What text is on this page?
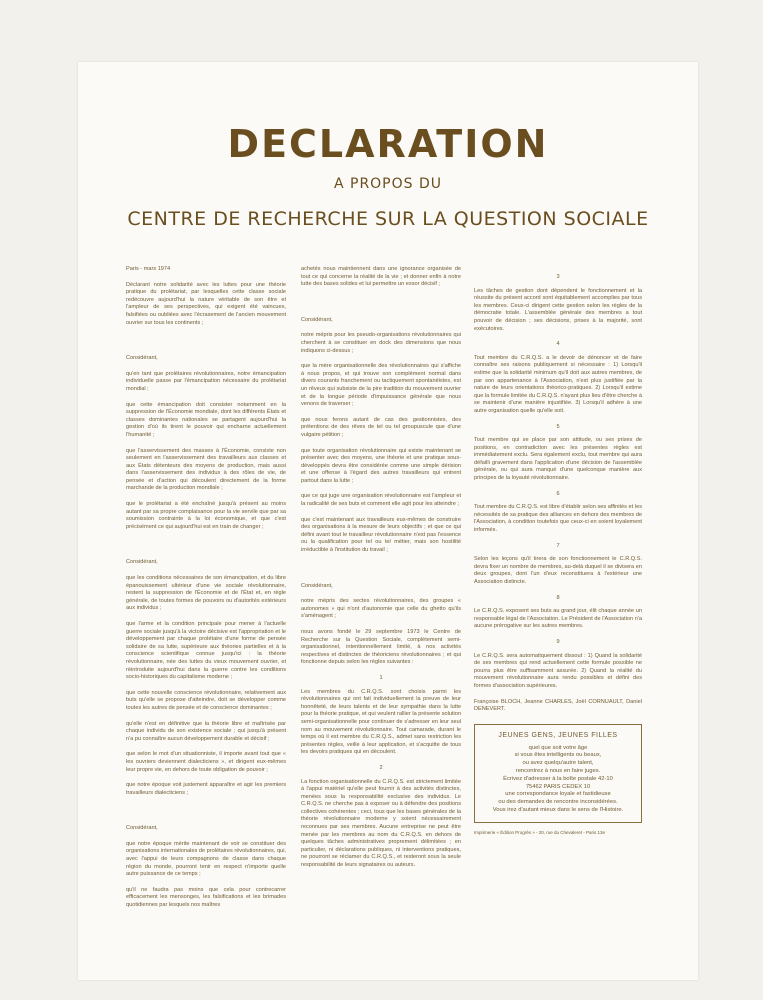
DECLARATION
A PROPOS DU
CENTRE DE RECHERCHE SUR LA QUESTION SOCIALE

Paris - mars 1974

Déclarant notre solidarité avec les luttes pour une théorie pratique du prolétariat, par lesquelles cette classe sociale redécouvre aujourd'hui la nature véritable de son être et l'ampleur de ses perspectives, qui exigent été vaincues, falsifiées ou oubliées avec l'écrasement de l'ancien mouvement ouvrier sur tous les continents ;

Considérant,

qu'en tant que prolétaires révolutionnaires, notre émancipation individuelle passe par l'émancipation nécessaire du prolétariat mondial ;

que cette émancipation doit consister notamment en la suppression de l'Économie mondiale, dont les différents États et classes dominantes nationales se partagent aujourd'hui la gestion d'où ils tirent le pouvoir qui encharne actuellement l'humanité ;

que l'asservissement des masses à l'Économie, consiste non seulement en l'asservissement des travailleurs aux classes et aux États détenteurs des moyens de production, mais aussi dans l'asservissement des individus à des rôles de vie, de pensée et d'action qui découlent directement de la forme marchande de la production mondiale ;

que le prolétariat a été enchaîné jusqu'à présent au moins autant par sa propre complaisance pour la vie servile que par sa soumission contrainte à la loi économique, et que c'est précisément ce qui aujourd'hui est en train de changer ;

Considérant,

que les conditions nécessaires de son émancipation, et du libre épanouissement ultérieur d'une vie sociale révolutionnaire, restent la suppression de l'Économie et de l'État et, en règle générale, de toutes formes de pouvoirs ou d'autorités extérieurs aux individus ;

que l'arme et la condition principale pour mener à l'actuelle guerre sociale jusqu'à la victoire décisive est l'appropriation et le développement par chaque prolétaire d'une forme de pensée solidaire de sa lutte, supérieure aux théories partielles et à la conscience scientifique connue jusqu'ici : la théorie révolutionnaire, née des luttes du vieux mouvement ouvrier, et réintroduite aujourd'hui dans la guerre contre les conditions socio-historiques du capitalisme moderne ;

que cette nouvelle conscience révolutionnaire, relativement aux buts qu'elle se propose d'atteindre, doit se développer comme toutes les autres de pensée et de conscience dominantes ;

qu'elle n'est en définitive que la théorie libre et maîtrisée par chaque individu de son existence sociale ; qui jusqu'à présent n'a pu connaître aucun développement durable et décisif ;

que selon le mot d'un situationniste, il importe avant tout que « les ouvriers deviennent dialecticiens », et dirigent eux-mêmes leur propre vie, en dehors de toute obligation de pouvoir ;

que notre époque voit justement apparaître et agir les premiers travailleurs dialecticiens ;

Considérant,

que notre époque mérite maintenant de voir se constituer des organisations internationales de prolétaires révolutionnaires, qui, avec l'appui de leurs compagnons de classe dans chaque région du monde, pourront tenir en respect n'importe quelle autre puissance de ce temps ;

qu'il ne faudra pas moins que cela pour contrecarrer efficacement les mensonges, les falsifications et les brimades quotidiennes par lesquels nos maîtres

achetés nous maintiennent dans une ignorance organisée de tout ce qui concerne la réalité de la vie ; et donner enfin à notre lutte des bases solides et lui permettre un essor décisif ;

Considérant,

notre mépris pour les pseudo-organisations révolutionnaires qui cherchent à se constituer en dock des dimensions que nous indiquons ci-dessus ;

que la mère organisationnelle des révolutionnaires qui s'affiche à nous propos, et qui trouve son complément normal dans divers courants franchement ou tactiquement spontanéistes, est un rêveux qui subsiste de la pire tradition du mouvement ouvrier et de la longue période d'impuissance générale que nous venons de traverser ;

que nous ferons autant de cas des gestionnistes, des prétentions de des rêves de tel ou tel groupuscule que d'une vulgaire pétition ;

que toute organisation révolutionnaire qui existe maintenant se présenter avec des moyens, une théorie et une pratique sous-développés devra être considérée comme une simple dérision et une offense à l'égard des autres travailleurs qui entrent partout dans la lutte ;

que ce qui juge une organisation révolutionnaire est l'ampleur et la radicalité de ses buts et comment elle agit pour les atteindre ;

que c'est maintenant aux travailleurs eux-mêmes de construire des organisations à la mesure de leurs objectifs ; et que ce qui défini avant tout le travailleur révolutionnaire n'est pas l'essence ou la qualification pour tel ou tel métier, mais son hostilité irréductible à l'institution du travail ;

Considérant,

notre mépris des sectes révolutionnaires, des groupes « autonomes » qui n'ont d'autonomie que celle du ghetto qu'ils s'aménagent ;

nous avons fondé le 29 septembre 1973 le Centre de Recherche sur la Question Sociale, complètement semi-organisationnel, intentionnellement limité, à nos activités respectives et distinctes de théoriciens révolutionnaires ; et qui fonctionne depuis selon les règles suivantes :

1

Les membres du C.R.Q.S. sont choisis parmi les révolutionnaires qui ont fait individuellement la preuve de leur honnêteté, de leurs talents et de leur sympathie dans la lutte pour la théorie pratique, et qui veulent rallier la présente solution semi-organisationnelle pour continuer de s'adresser en leur seul nom au mouvement révolutionnaire. Tout camarade, durant le temps où il est membre du C.R.Q.S., admet sans restriction les présentes règles, veille à leur application, et s'acquitte de tous les devoirs pratiques qui en découlent.

2

La fonction organisationnelle du C.R.Q.S. est strictement limitée à l'appui matériel qu'elle peut fournir à des activités distinctes, menées sous la responsabilité exclusive des individus. Le C.R.Q.S. ne cherche pas à exposer ou à défendre des positions collectives cohérentes ; ceci, tous que les bases générales de la théorie révolutionnaire moderne y soient nécessairement reconnues par ses membres. Aucune entreprise ne peut être menée par les membres au nom du C.R.Q.S. en dehors de quelques tâches administratives proprement délimitées ; en particulier, ni déclarations publiques, ni interventions pratiques, ne pourront se réclamer du C.R.Q.S., et resteront sous la seule responsabilité de leurs signataires ou auteurs.

3

Les tâches de gestion dont dépendent le fonctionnement et la réussite du présent accord sont équitablement accomplies par tous les membres. Ceux-ci dirigent cette gestion selon les règles de la démocratie totale. L'assemblée générale des membres a tout pouvoir de décision ; ses décisions, prises à la majorité, sont exécutoires.

4

Tout membre du C.R.Q.S. a le devoir de dénoncer et de faire connaître ses raisons publiquement si nécessaire : 1) Lorsqu'il estime que la solidarité minimum qu'il doit aux autres membres, de par son appartenance à l'Association, n'est plus justifiée par la nature de leurs orientations théorico-pratiques. 2) Lorsqu'il estime que la formule limitée du C.R.Q.S. n'ayant plus lieu d'être cherche à se maintenir d'une manière injustifiée. 3) Lorsqu'il adhère à une autre organisation quelle qu'elle soit.

5

Tout membre qui se place par son attitude, ou ses prises de positions, en contradiction avec les présentes règles est immédiatement exclu. Sera également exclu, tout membre qui aura défailli gravement dans l'application d'une décision de l'assemblée générale, ou qui aura manqué d'une quelconque manière aux principes de la loyauté révolutionnaire.

6

Tout membre du C.R.Q.S. est libre d'établir selon ses affinités et les nécessités de sa pratique des alliances en dehors des membres de l'Association, à condition toutefois que ceux-ci en soient loyalement informés.

7

Selon les leçons qu'il tirera de son fonctionnement le C.R.Q.S. devra fixer un nombre de membres, au-delà duquel il se divisera en deux groupes, dont l'un d'eux reconstituera à l'extérieur une Association distincte.

8

Le C.R.Q.S. exposent ses buts au grand jour, élit chaque année un responsable légal de l'Association. Le Président de l'Association n'a aucune prérogative sur les autres membres.

9

Le C.R.Q.S. sera automatiquement dissout : 1) Quand la solidarité de ses membres qui rend actuellement cette formule possible ne pourra plus être suffisamment assurée. 2) Quand la réalité du mouvement révolutionnaire aura rendu possibles et défini des formes d'association supérieures.

Françoise BLOCH, Jeanne CHARLES, Joël CORNUAULT, Daniel DENEVERT.

JEUNES GENS, JEUNES FILLES
quel que soit votre âge
si vous êtes intelligents ou beaux,
ou avez quelqu'autre talent,
rencontrez à nous en faire juges.
Écrivez d'adresser à la boîte postale 42-10
75462 PARIS CEDEX 10
une correspondance loyale et fastidieuse
ou des demandes de rencontre inconsidérées.
Vous irez d'autant mieux dans le sens de l'Histoire.
Imprimerie « Édition Progrès » - 20, rue du Chevaleret - Paris 13e
